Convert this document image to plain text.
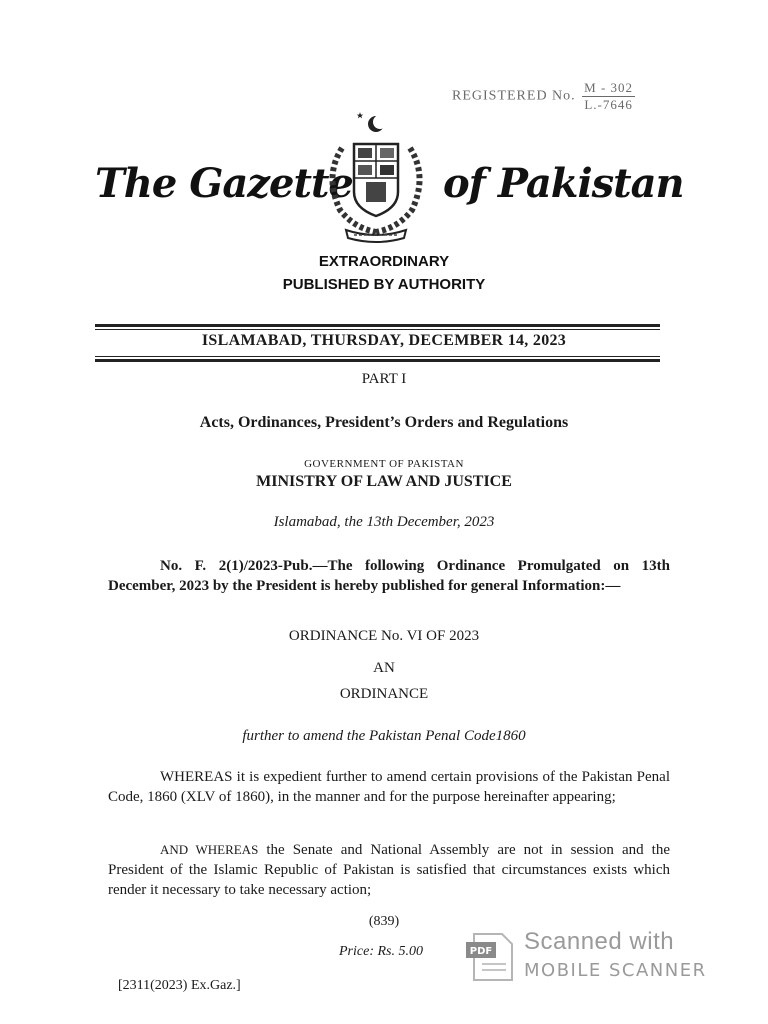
REGISTERED No. $\frac{M - 302}{L.-7646}$
The Gazette of Pakistan
EXTRAORDINARY
PUBLISHED BY AUTHORITY
ISLAMABAD, THURSDAY, DECEMBER 14, 2023
PART I
Acts, Ordinances, President’s Orders and Regulations
GOVERNMENT OF PAKISTAN
MINISTRY OF LAW AND JUSTICE
Islamabad, the 13th December, 2023
No. F. 2(1)/2023-Pub.—The following Ordinance Promulgated on 13th December, 2023 by the President is hereby published for general Information:—
ORDINANCE No. VI OF 2023
AN
ORDINANCE
further to amend the Pakistan Penal Code1860
WHEREAS it is expedient further to amend certain provisions of the Pakistan Penal Code, 1860 (XLV of 1860), in the manner and for the purpose hereinafter appearing;
AND WHEREAS the Senate and National Assembly are not in session and the President of the Islamic Republic of Pakistan is satisfied that circumstances exists which render it necessary to take necessary action;
(839)
Price: Rs. 5.00
[2311(2023) Ex.Gaz.]
PDF Scanned with
MOBILE SCANNER
